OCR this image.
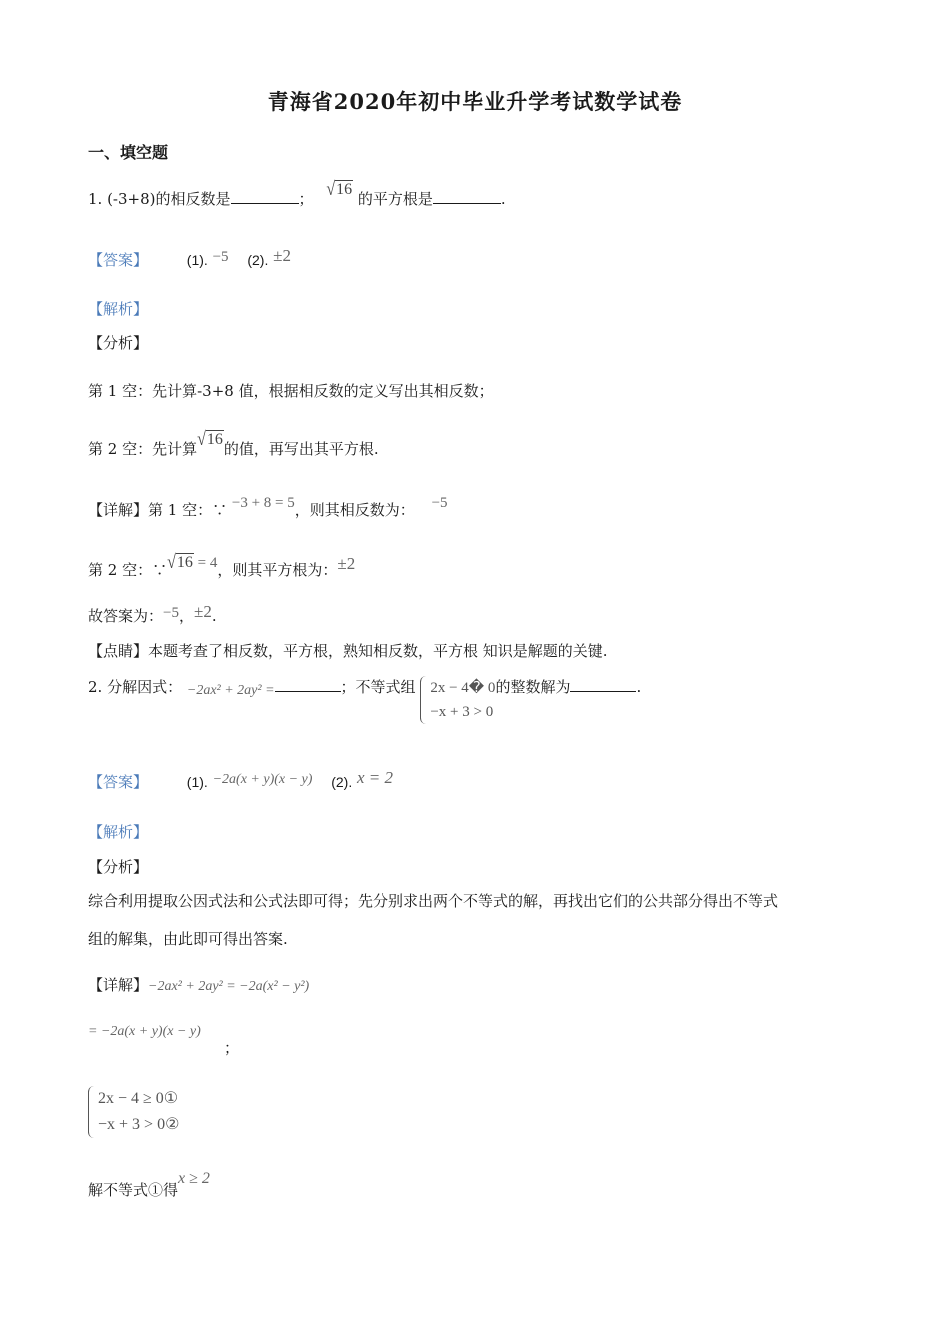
青海省2020年初中毕业升学考试数学试卷
一、填空题
1. (-3+8)的相反数是	； √16 的平方根是	.
【答案】	(1). −5 (2). ±2
【解析】
【分析】
第 1 空：先计算-3+8 值，根据相反数的定义写出其相反数；
第 2 空：先计算√16的值，再写出其平方根.
【详解】第 1 空：∵ −3 + 8 = 5，则其相反数为： −5
第 2 空：∵√16 = 4，则其平方根为：±2
故答案为：−5，±2.
【点睛】本题考查了相反数，平方根，熟知相反数，平方根 知识是解题的关键.
2. 分解因式： −2ax² + 2ay² =	；不等式组 2x − 4� 0
−x + 3 > 0
的整数解为	.
【答案】	(1). −2a(x + y)(x − y) (2). x = 2
【解析】
【分析】
综合利用提取公因式法和公式法即可得；先分别求出两个不等式的解，再找出它们的公共部分得出不等式
组的解集，由此即可得出答案.
【详解】−2ax² + 2ay² = −2a(x² − y²)
= −2a(x + y)(x − y)
；
2x − 4 ≥ 0①
−x + 3 > 0②
解不等式①得x ≥ 2
